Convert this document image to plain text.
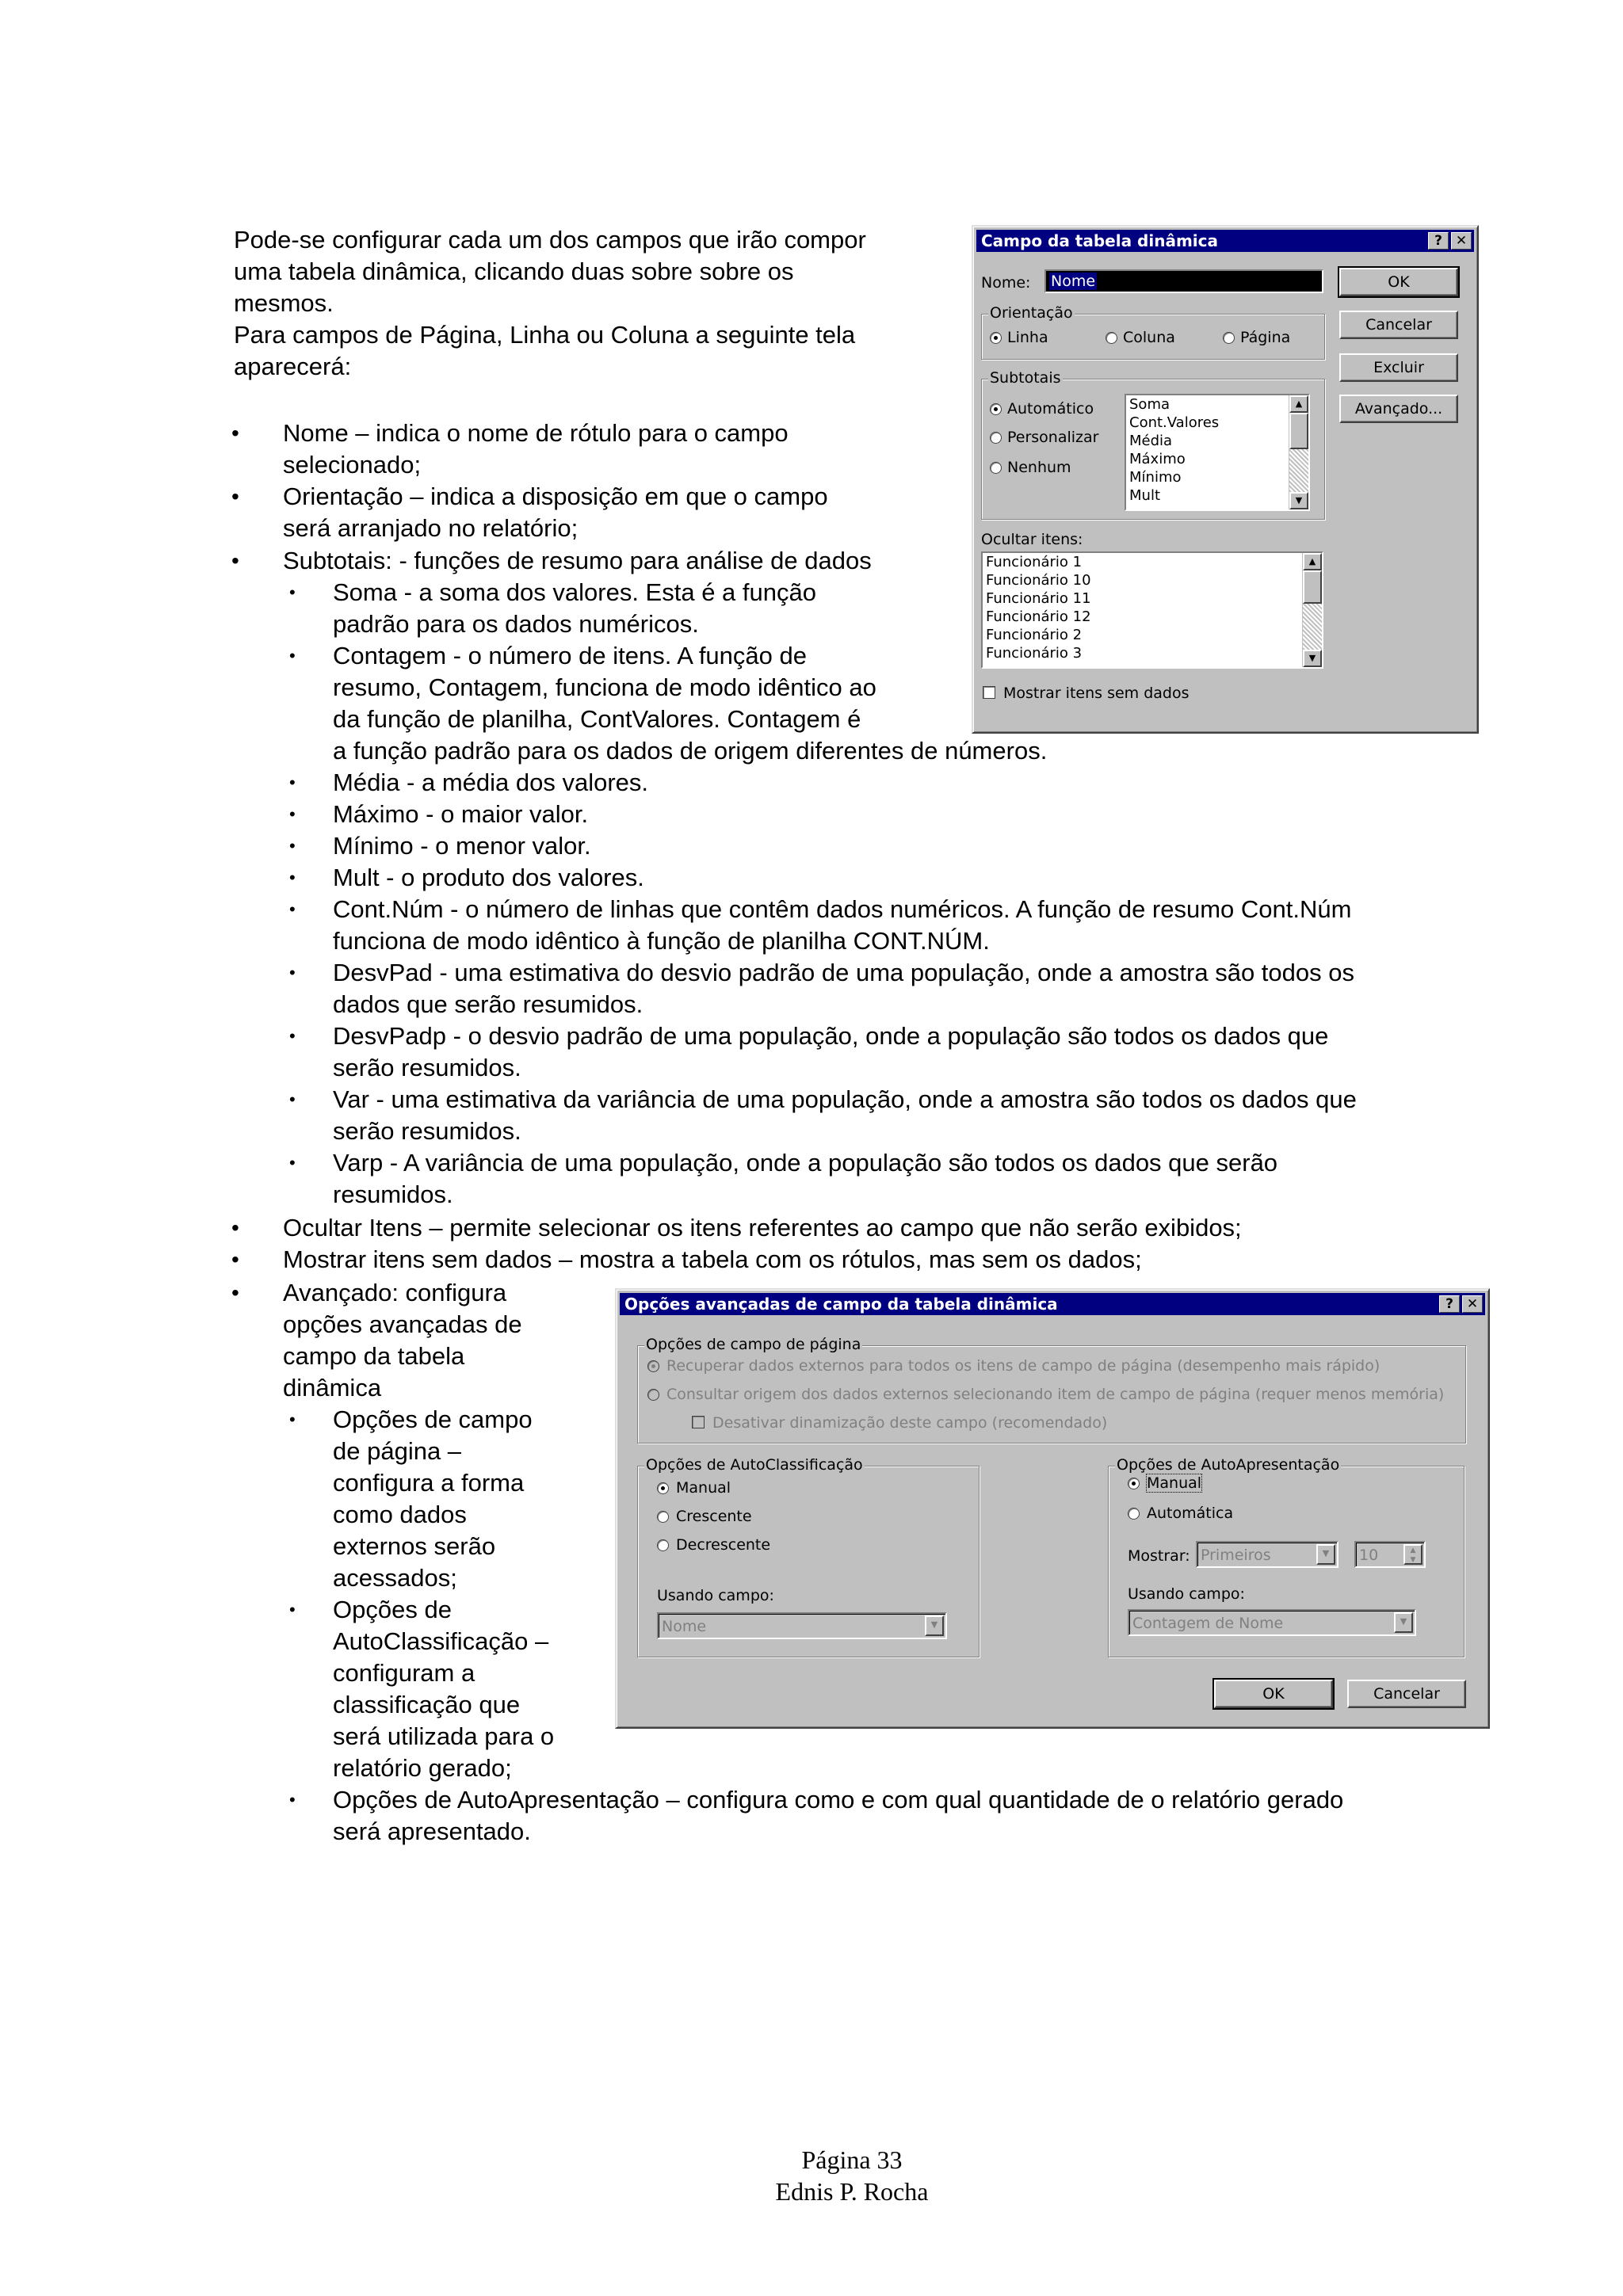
Pode-se configurar cada um dos campos que irão compor
uma tabela dinâmica, clicando duas sobre sobre os
mesmos.
Para campos de Página, Linha ou Coluna a seguinte tela
aparecerá:
• Nome – indica o nome de rótulo para o campo
selecionado;
• Orientação – indica a disposição em que o campo
será arranjado no relatório;
• Subtotais: - funções de resumo para análise de dados
• Soma - a soma dos valores. Esta é a função
padrão para os dados numéricos.
• Contagem - o número de itens. A função de
resumo, Contagem, funciona de modo idêntico ao
da função de planilha, ContValores. Contagem é
a função padrão para os dados de origem diferentes de números.
• Média - a média dos valores.
• Máximo - o maior valor.
• Mínimo - o menor valor.
• Mult - o produto dos valores.
• Cont.Núm - o número de linhas que contêm dados numéricos. A função de resumo Cont.Núm
funciona de modo idêntico à função de planilha CONT.NÚM.
• DesvPad - uma estimativa do desvio padrão de uma população, onde a amostra são todos os
dados que serão resumidos.
• DesvPadp - o desvio padrão de uma população, onde a população são todos os dados que
serão resumidos.
• Var - uma estimativa da variância de uma população, onde a amostra são todos os dados que
serão resumidos.
• Varp - A variância de uma população, onde a população são todos os dados que serão
resumidos.
• Ocultar Itens – permite selecionar os itens referentes ao campo que não serão exibidos;
• Mostrar itens sem dados – mostra a tabela com os rótulos, mas sem os dados;
• Avançado: configura
opções avançadas de
campo da tabela
dinâmica
• Opções de campo
de página –
configura a forma
como dados
externos serão
acessados;
• Opções de
AutoClassificação –
configuram a
classificação que
será utilizada para o
relatório gerado;
• Opções de AutoApresentação – configura como e com qual quantidade de o relatório gerado
será apresentado.
Campo da tabela dinâmica	? ✕
Nome: Nome	OK
Cancelar
Excluir
Avançado...
Orientação
Linha	Coluna	Página
Subtotais
Automático
Personalizar
Nenhum
Soma
Cont.Valores
Média
Máximo
Mínimo
Mult
▲
▼
Ocultar itens:
Funcionário 1
Funcionário 10
Funcionário 11
Funcionário 12
Funcionário 2
Funcionário 3
▲
▼
Mostrar itens sem dados
Opções avançadas de campo da tabela dinâmica	? ✕
Opções de campo de página
Recuperar dados externos para todos os itens de campo de página (desempenho mais rápido)
Consultar origem dos dados externos selecionando item de campo de página (requer menos memória)
Desativar dinamização deste campo (recomendado)
Opções de AutoClassificação
Manual
Crescente
Decrescente
Usando campo:
Nome	▼
Opções de AutoApresentação
Manual
Automática
Mostrar: Primeiros	▼	10	▲
▼
Usando campo:
Contagem de Nome	▼
OK	Cancelar
Página 33
Ednis P. Rocha
